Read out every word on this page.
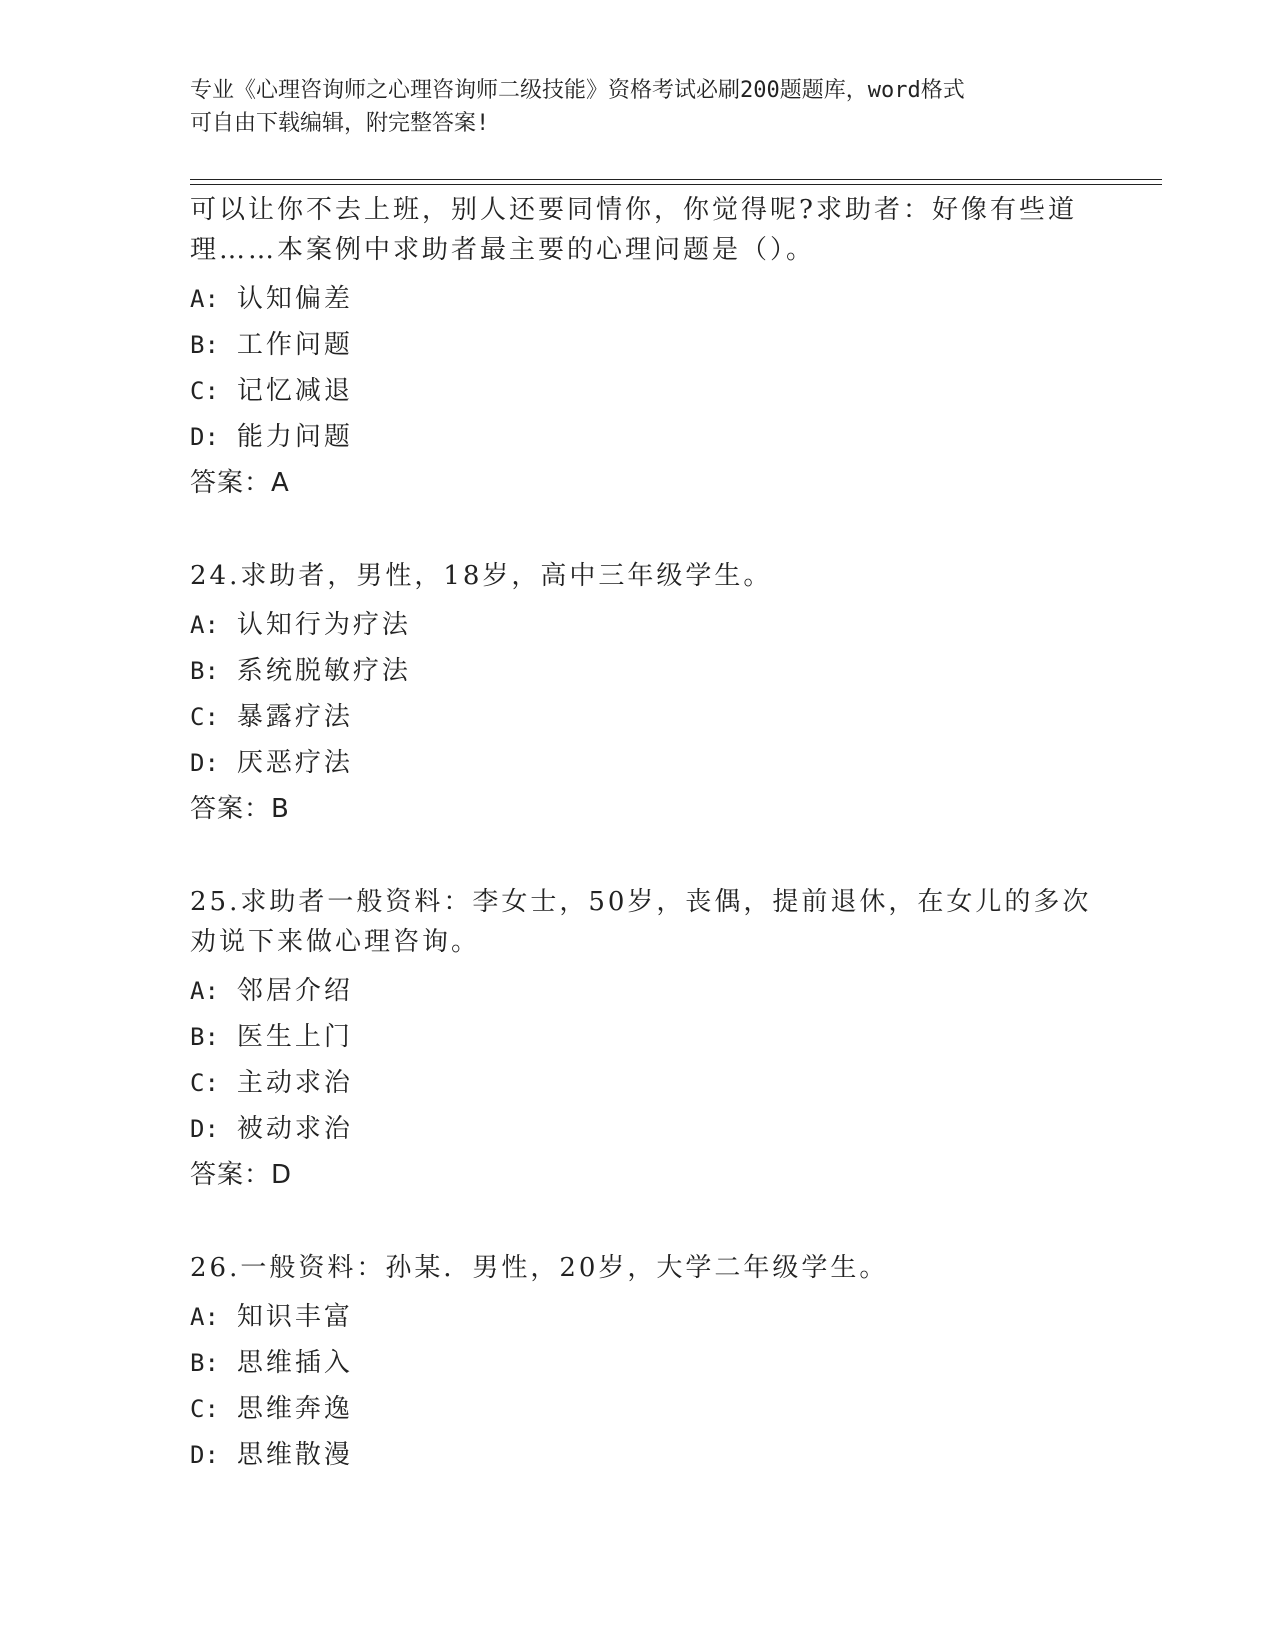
专业《心理咨询师之心理咨询师二级技能》资格考试必刷200题题库，word格式
可自由下载编辑，附完整答案!
可以让你不去上班，别人还要同情你，你觉得呢?求助者：好像有些道
理……本案例中求助者最主要的心理问题是（）。
A: 认知偏差
B: 工作问题
C: 记忆减退
D: 能力问题
答案：A
24.求助者，男性，18岁，高中三年级学生。
A: 认知行为疗法
B: 系统脱敏疗法
C: 暴露疗法
D: 厌恶疗法
答案：B
25.求助者一般资料：李女士，50岁，丧偶，提前退休，在女儿的多次
劝说下来做心理咨询。
A: 邻居介绍
B: 医生上门
C: 主动求治
D: 被动求治
答案：D
26.一般资料：孙某．男性，20岁，大学二年级学生。
A: 知识丰富
B: 思维插入
C: 思维奔逸
D: 思维散漫
